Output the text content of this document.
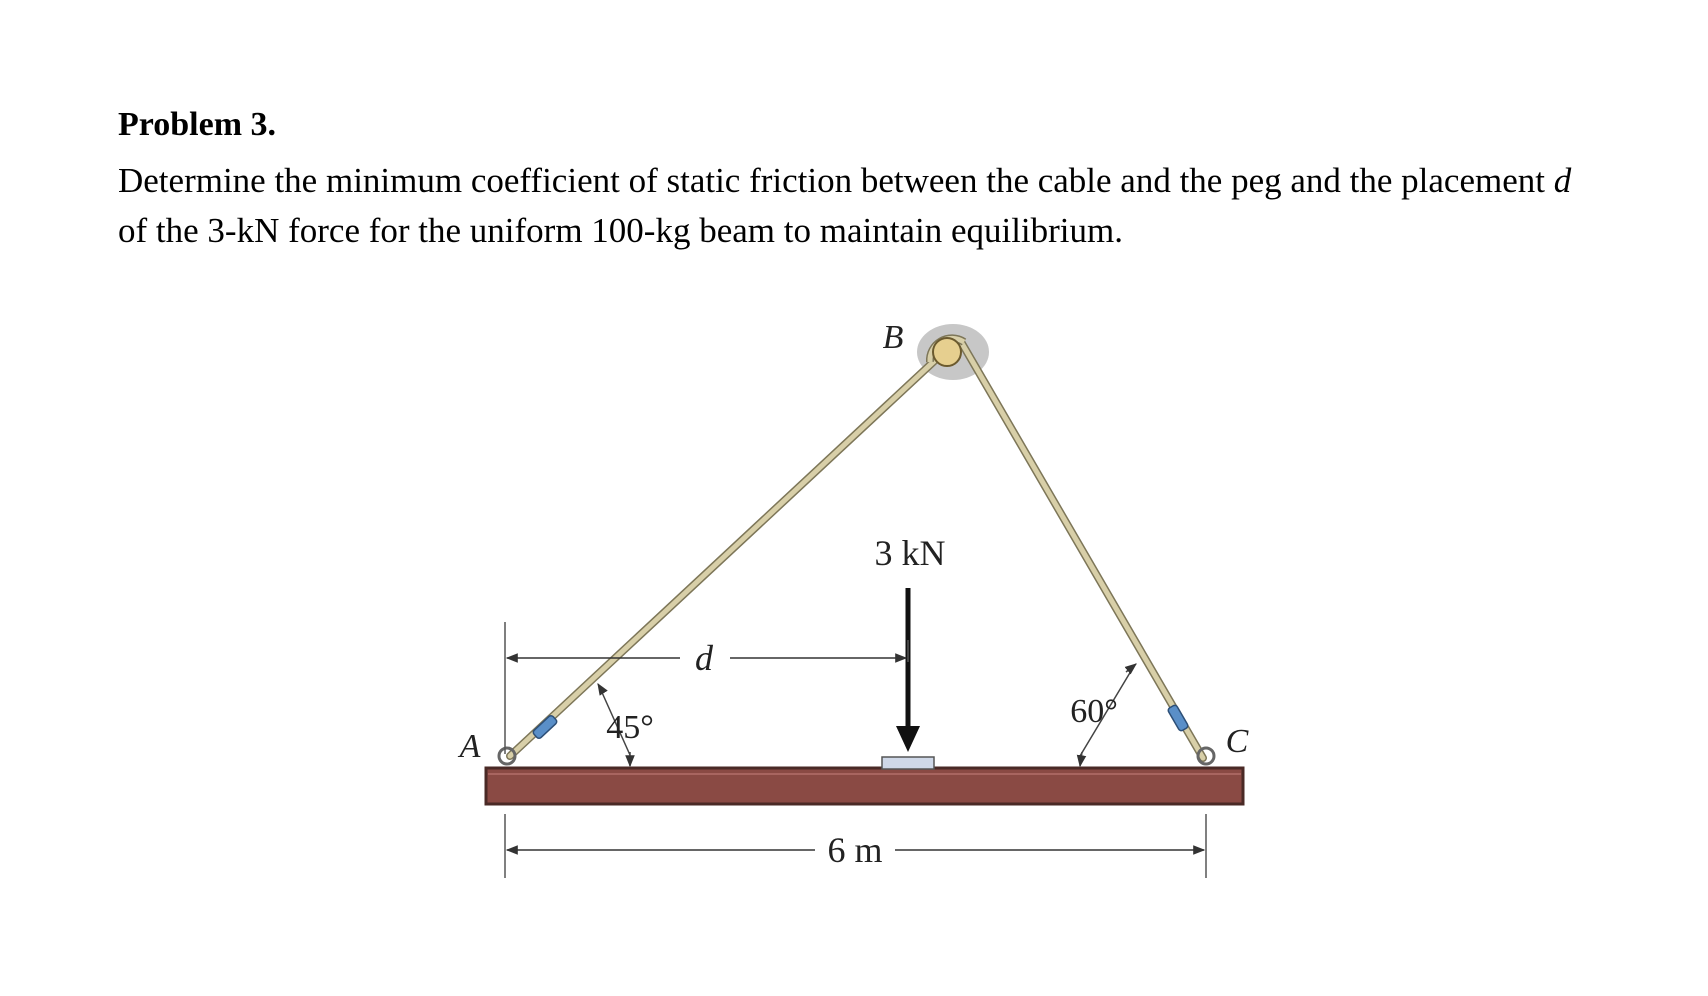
Problem 3.

Determine the minimum coefficient of static friction between the cable and the peg and the placement d of the 3-kN force for the uniform 100-kg beam to maintain equilibrium.

3 kN
d
6 m
45°	60°
A
B
C
